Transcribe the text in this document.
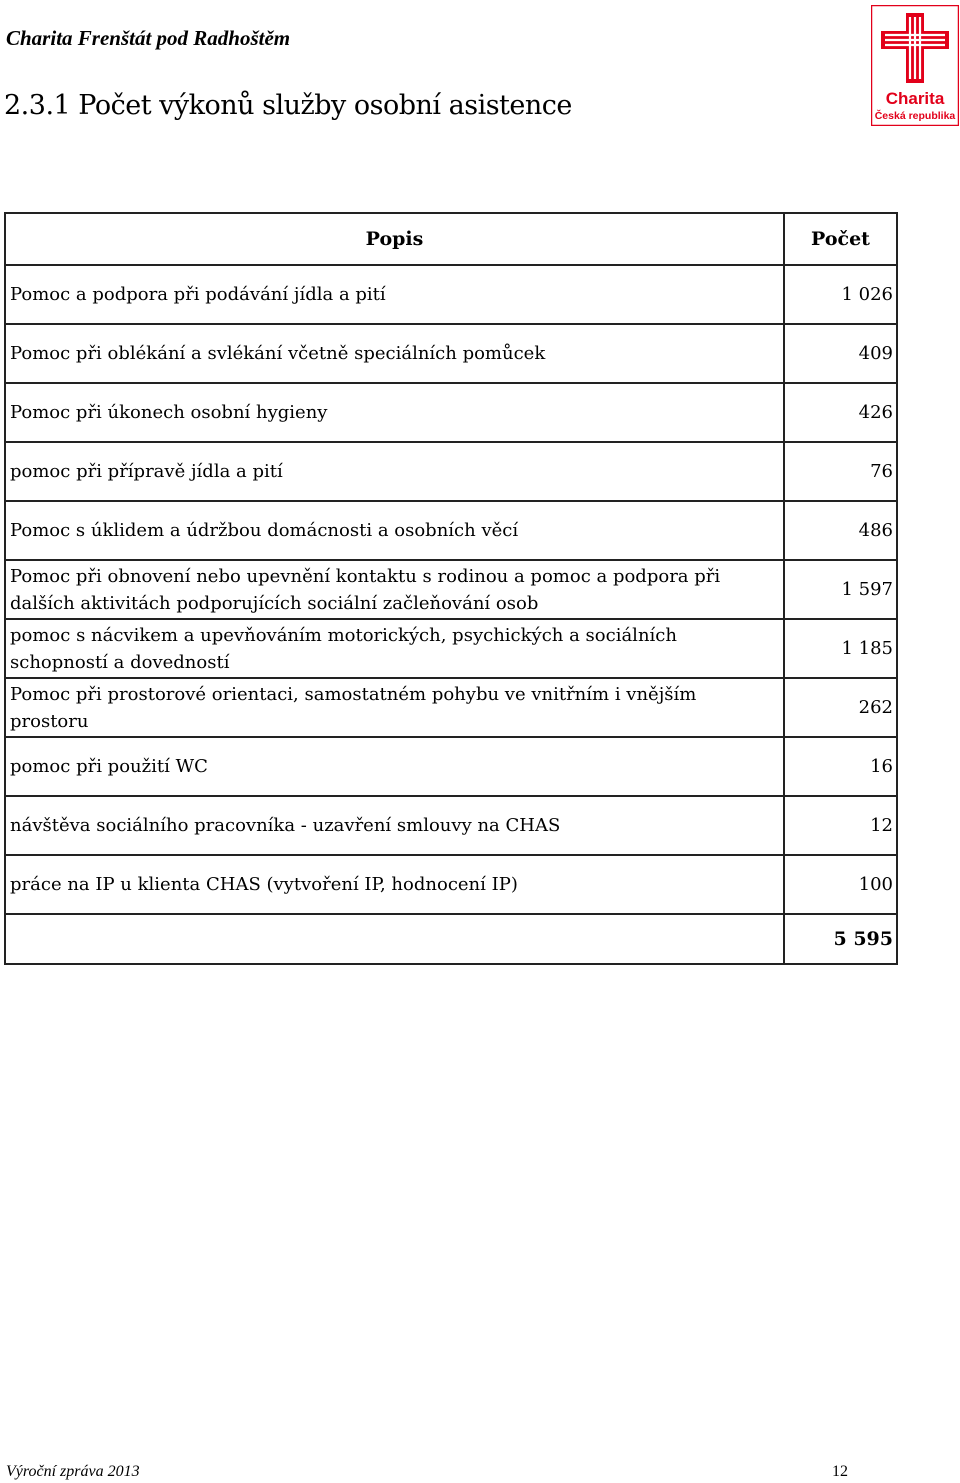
Charita Frenštát pod Radhoštěm
Charita
Česká republika
2.3.1 Počet výkonů služby osobní asistence
Popis	Počet
Pomoc a podpora při podávání jídla a pití	1 026
Pomoc při oblékání a svlékání včetně speciálních pomůcek	409
Pomoc při úkonech osobní hygieny	426
pomoc při přípravě jídla a pití	76
Pomoc s úklidem a údržbou domácnosti a osobních věcí	486
Pomoc při obnovení nebo upevnění kontaktu s rodinou a pomoc a podpora při dalších aktivitách podporujících sociální začleňování osob	1 597
pomoc s nácvikem a upevňováním motorických, psychických a sociálních schopností a dovedností	1 185
Pomoc při prostorové orientaci, samostatném pohybu ve vnitřním i vnějším prostoru	262
pomoc při použití WC	16
návštěva sociálního pracovníka - uzavření smlouvy na CHAS	12
práce na IP u klienta CHAS (vytvoření IP, hodnocení IP)	100
	5 595
Výroční zpráva 2013	12
